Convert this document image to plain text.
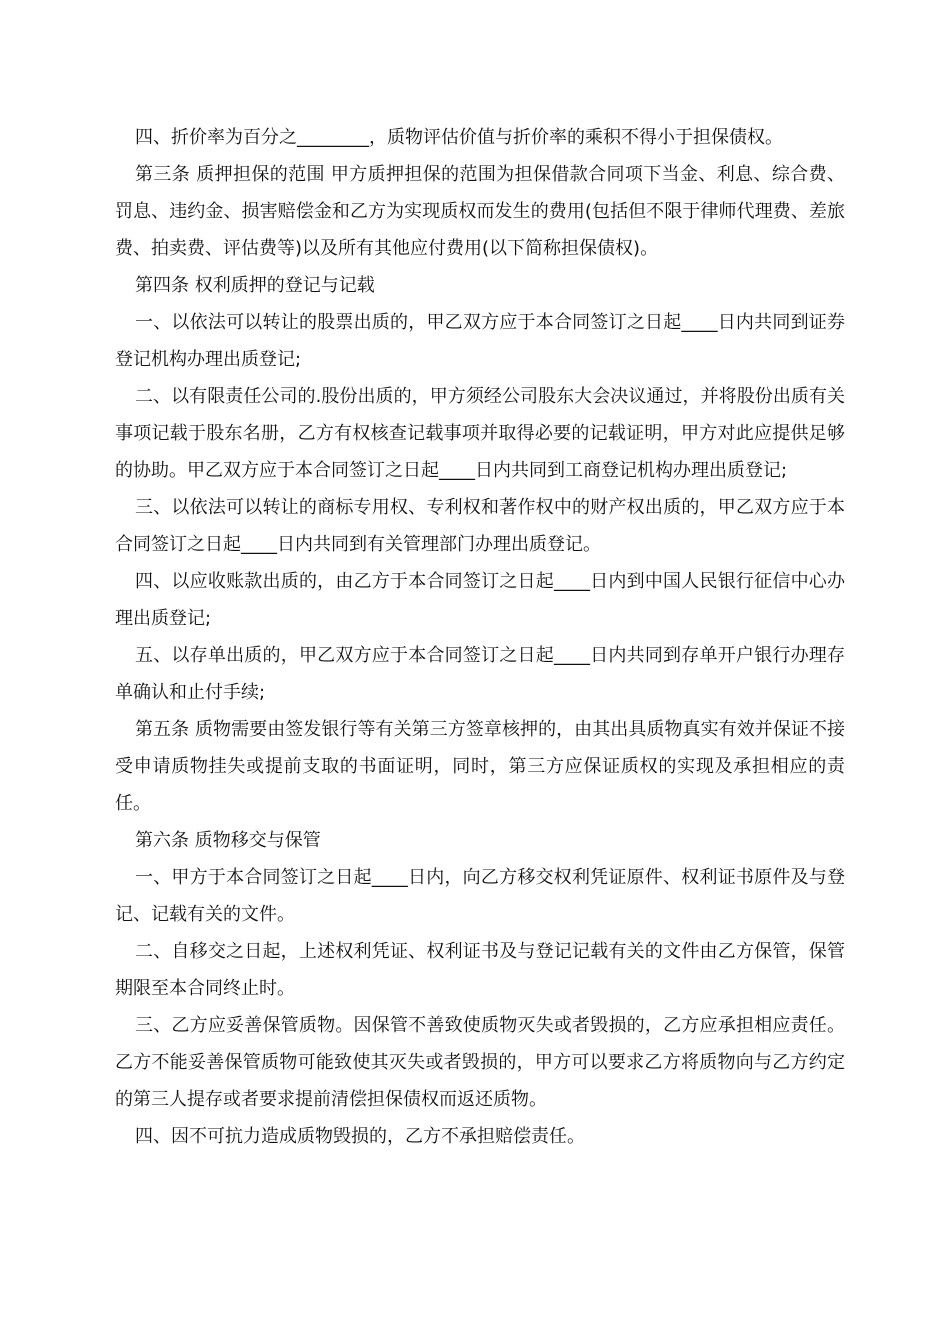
四、折价率为百分之________，质物评估价值与折价率的乘积不得小于担保债权。

第三条 质押担保的范围 甲方质押担保的范围为担保借款合同项下当金、利息、综合费、罚息、违约金、损害赔偿金和乙方为实现质权而发生的费用(包括但不限于律师代理费、差旅费、拍卖费、评估费等)以及所有其他应付费用(以下简称担保债权)。

第四条 权利质押的登记与记载

一、以依法可以转让的股票出质的，甲乙双方应于本合同签订之日起____日内共同到证券登记机构办理出质登记;

二、以有限责任公司的.股份出质的，甲方须经公司股东大会决议通过，并将股份出质有关事项记载于股东名册，乙方有权核查记载事项并取得必要的记载证明，甲方对此应提供足够的协助。甲乙双方应于本合同签订之日起____日内共同到工商登记机构办理出质登记;

三、以依法可以转让的商标专用权、专利权和著作权中的财产权出质的，甲乙双方应于本合同签订之日起____日内共同到有关管理部门办理出质登记。

四、以应收账款出质的，由乙方于本合同签订之日起____日内到中国人民银行征信中心办理出质登记;

五、以存单出质的，甲乙双方应于本合同签订之日起____日内共同到存单开户银行办理存单确认和止付手续;

第五条 质物需要由签发银行等有关第三方签章核押的，由其出具质物真实有效并保证不接受申请质物挂失或提前支取的书面证明，同时，第三方应保证质权的实现及承担相应的责任。

第六条 质物移交与保管

一、甲方于本合同签订之日起____日内，向乙方移交权利凭证原件、权利证书原件及与登记、记载有关的文件。

二、自移交之日起，上述权利凭证、权利证书及与登记记载有关的文件由乙方保管，保管期限至本合同终止时。

三、乙方应妥善保管质物。因保管不善致使质物灭失或者毁损的，乙方应承担相应责任。乙方不能妥善保管质物可能致使其灭失或者毁损的，甲方可以要求乙方将质物向与乙方约定的第三人提存或者要求提前清偿担保债权而返还质物。

四、因不可抗力造成质物毁损的，乙方不承担赔偿责任。
